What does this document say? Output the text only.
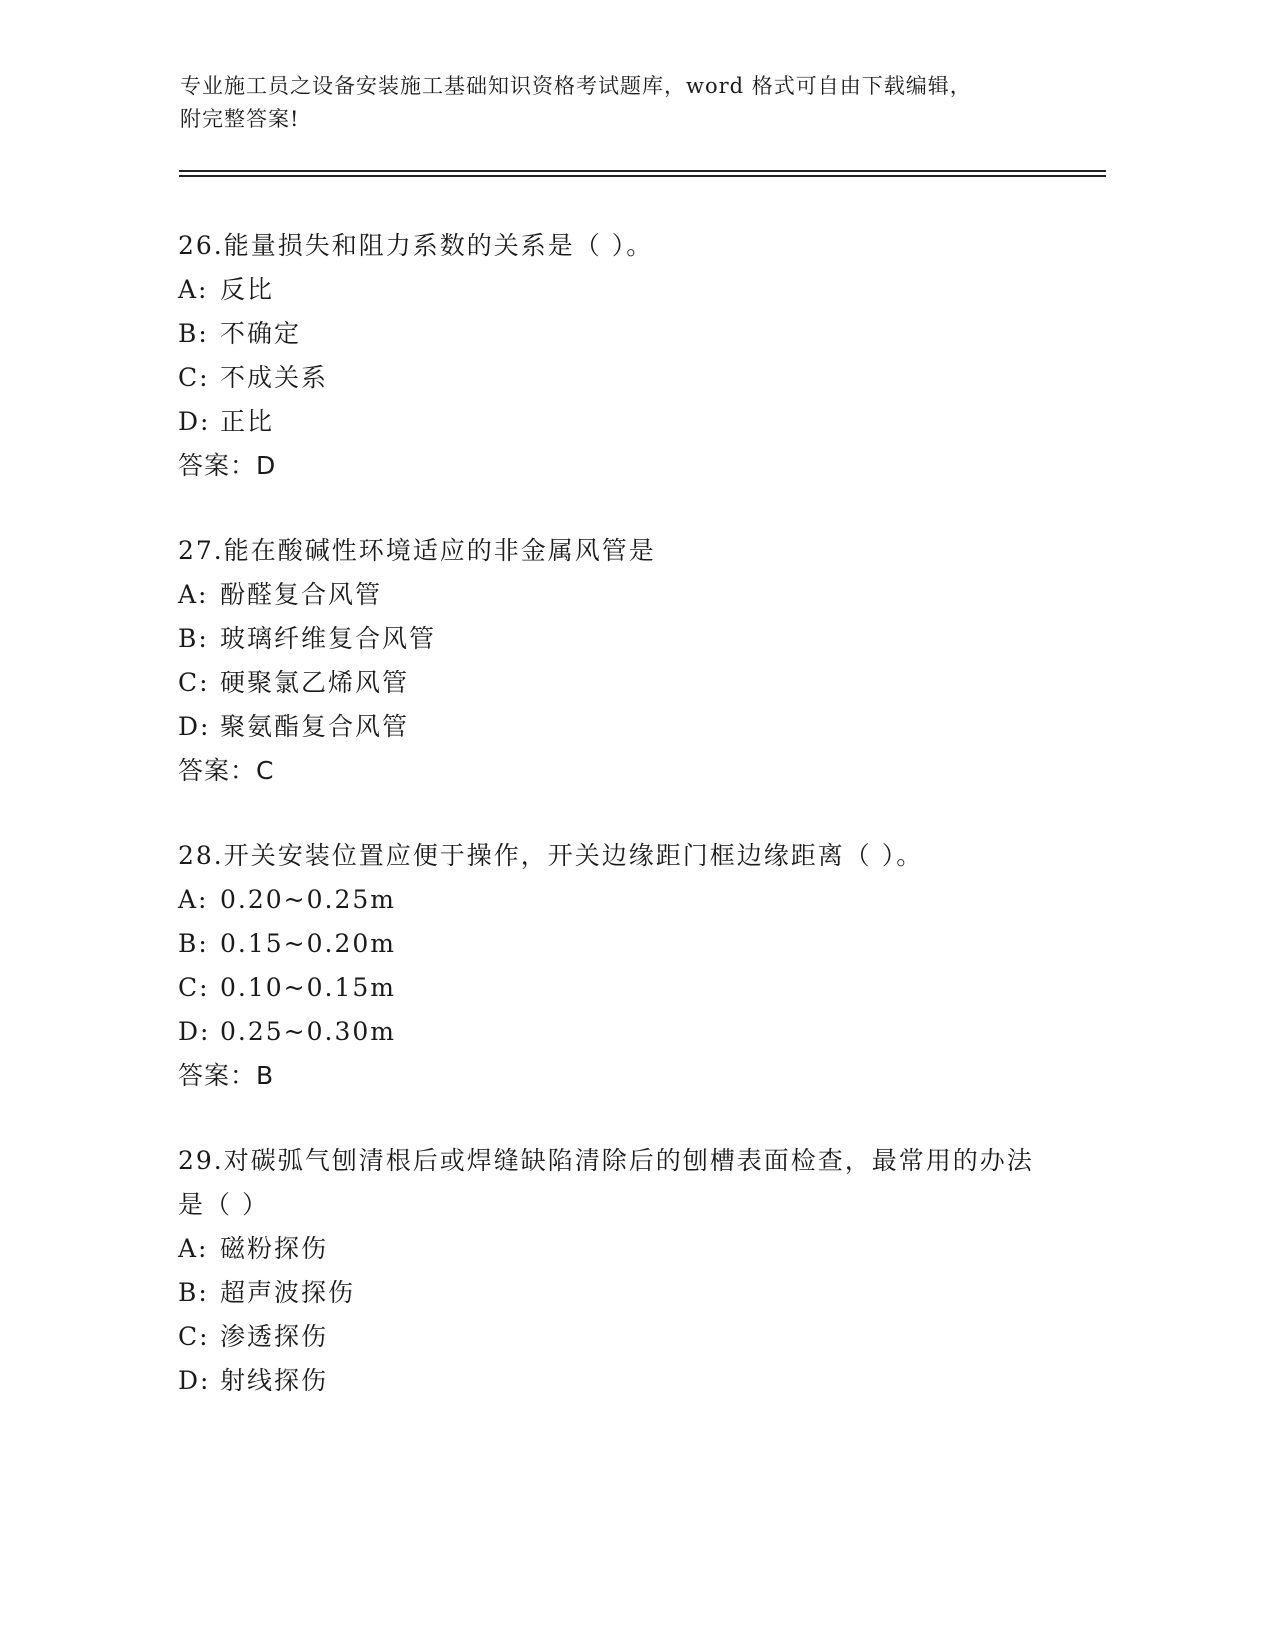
专业施工员之设备安装施工基础知识资格考试题库，word 格式可自由下载编辑，
附完整答案!

26.能量损失和阻力系数的关系是（ ）。

A: 反比

B: 不确定

C: 不成关系

D: 正比

答案：D

27.能在酸碱性环境适应的非金属风管是

A: 酚醛复合风管

B: 玻璃纤维复合风管

C: 硬聚氯乙烯风管

D: 聚氨酯复合风管

答案：C

28.开关安装位置应便于操作，开关边缘距门框边缘距离（ ）。

A: 0.20~0.25m

B: 0.15~0.20m

C: 0.10~0.15m

D: 0.25~0.30m

答案：B

29.对碳弧气刨清根后或焊缝缺陷清除后的刨槽表面检查，最常用的办法是（ ）

A: 磁粉探伤

B: 超声波探伤

C: 渗透探伤

D: 射线探伤
